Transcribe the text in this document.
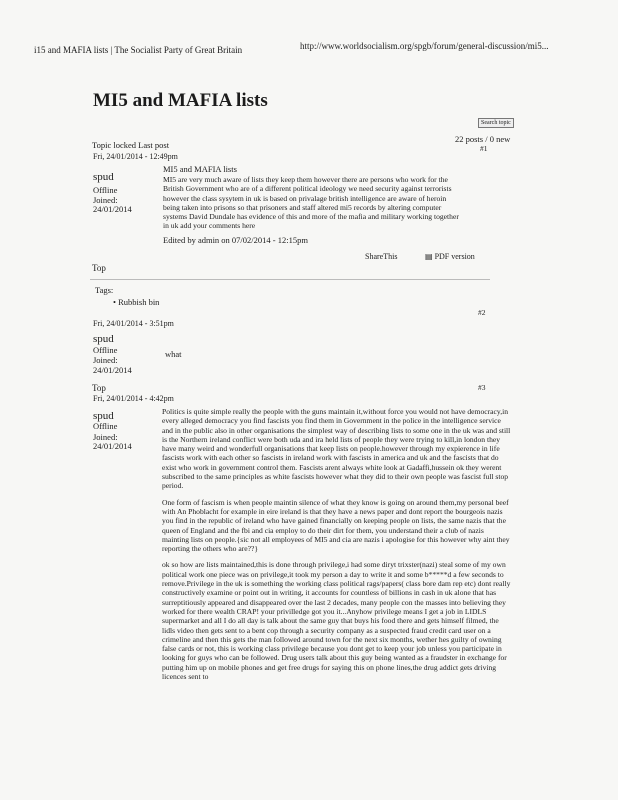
i15 and MAFIA lists | The Socialist Party of Great Britain	http://www.worldsocialism.org/spgb/forum/general-discussion/mi5...
MI5 and MAFIA lists
Search topic
Topic locked Last post
22 posts / 0 new
#1
Fri, 24/01/2014 - 12:49pm
MI5 and MAFIA lists
spud
Offline
Joined:
24/01/2014
MI5 are very much aware of lists they keep them however there are persons who work for the British Government who are of a different political ideology we need security against terrorists however the class sysytem in uk is based on privalage british intelligence are aware of heroin being taken into prisons so that prisoners and staff altered mi5 records by altering computer systems David Dundale has evidence of this and more of the mafia and military working together in uk add your comments here
Edited by admin on 07/02/2014 - 12:15pm
ShareThis	▤ PDF version
Top
Tags:
• Rubbish bin
#2
Fri, 24/01/2014 - 3:51pm
spud
Offline
Joined:
24/01/2014
what
Top	#3
Fri, 24/01/2014 - 4:42pm
spud
Offline
Joined:
24/01/2014

Politics is quite simple really the people with the guns maintain it,without force you would not have democracy,in every alleged democracy you find fascists you find them in Government in the police in the intelligence service and in the public also in other organisations the simplest way of describing lists to some one in the uk was and still is the Northern ireland conflict were both uda and ira held lists of people they were trying to kill,in london they have many weird and wonderfull organisations that keep lists on people.however through my expierence in life fascists work with each other so fascists in ireland work with fascists in america and uk and the fascists that do exist who work in government control them. Fascists arent always white look at Gadaffi,hussein ok they werent subscribed to the same principles as white fascists however what they did to their own people was fascist full stop period.

One form of fascism is when people maintin silence of what they know is going on around them,my personal beef with An Phoblacht for example in eire ireland is that they have a news paper and dont report the bourgeois nazis you find in the republic of ireland who have gained financially on keeping people on lists, the same nazis that the queen of England and the fbi and cia employ to do their dirt for them, you understand their a club of nazis mainting lists on people.{sic not all employees of MI5 and cia are nazis i apologise for this however why aint they reporting the others who are??}

ok so how are lists maintained,this is done through privilege,i had some diryt trixster(nazi) steal some of my own political work one piece was on privilege,it took my person a day to write it and some b*****d a few seconds to remove.Privilege in the uk is something the working class political rags/papers( class bore dam rep etc) dont really constructively examine or point out in writing, it accounts for countless of billions in cash in uk alone that has surreptitiously appeared and disappeared over the last 2 decades, many people con the masses into believing they worked for there wealth CRAP! your privilledge got you it...Anyhow privilege means I get a job in LIDLS supermarket and all I do all day is talk about the same guy that buys his food there and gets himself filmed, the lidls video then gets sent to a bent cop through a security company as a suspected fraud credit card user on a crimeline and then this gets the man followed around town for the next six months, wether hes guilty of owning false cards or not, this is working class privilege because you dont get to keep your job unless you participate in looking for guys who can be followed. Drug users talk about this guy being wanted as a fraudster in exchange for putting him up on mobile phones and get free drugs for saying this on phone lines,the drug addict gets driving licences sent to
